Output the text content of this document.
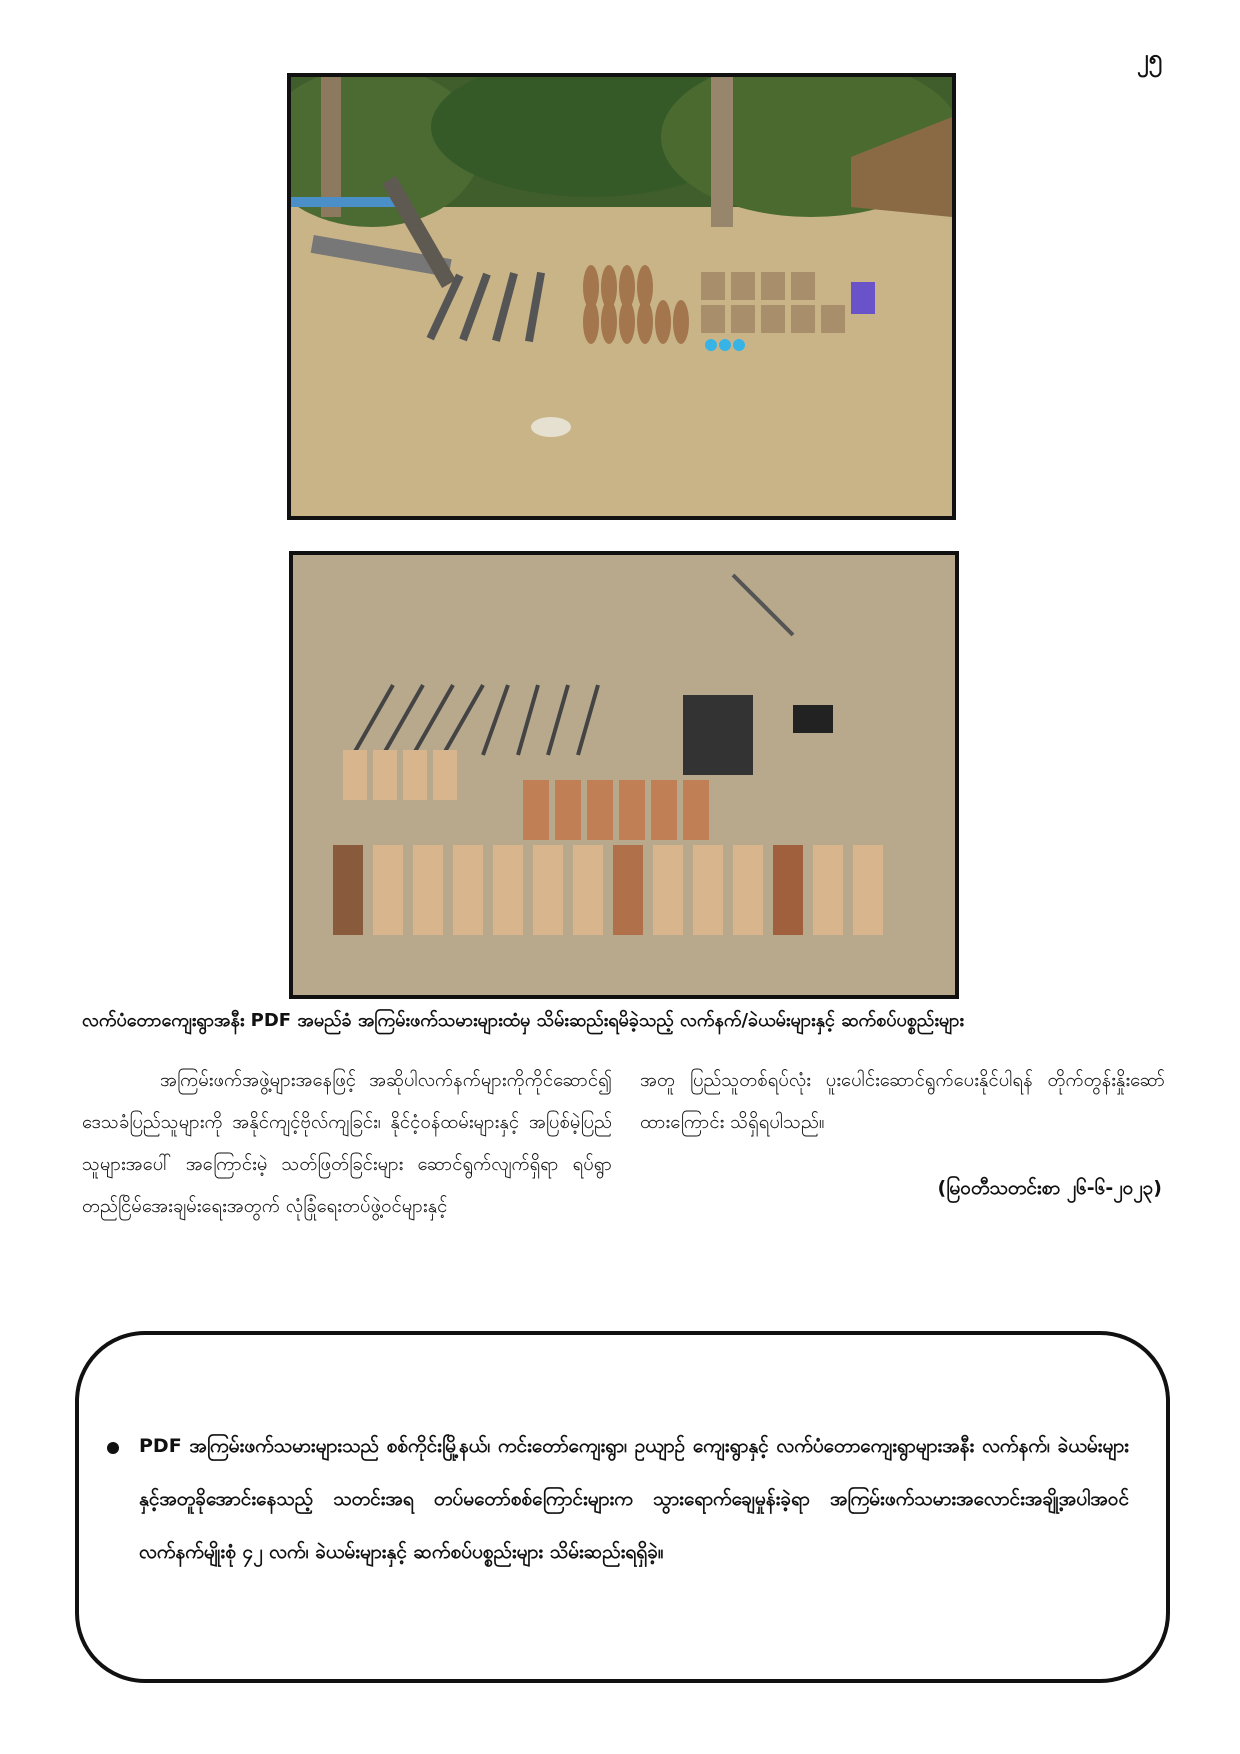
၂၅
လက်ပံတောကျေးရွာအနီး PDF အမည်ခံ အကြမ်းဖက်သမားများထံမှ သိမ်းဆည်းရမိခဲ့သည့် လက်နက်/ခဲယမ်းများနှင့် ဆက်စပ်ပစ္စည်းများ
အကြမ်းဖက်အဖွဲ့များအနေဖြင့် အဆိုပါလက်နက်များကိုကိုင်ဆောင်၍ ဒေသခံပြည်သူများကို အနိုင်ကျင့်ဗိုလ်ကျခြင်း၊ နိုင်ငံ့ဝန်ထမ်းများနှင့် အပြစ်မဲ့ပြည်သူများအပေါ် အကြောင်းမဲ့ သတ်ဖြတ်ခြင်းများ ဆောင်ရွက်လျက်ရှိရာ ရပ်ရွာတည်ငြိမ်အေးချမ်းရေးအတွက် လုံခြုံရေးတပ်ဖွဲ့ဝင်များနှင့်
အတူ ပြည်သူတစ်ရပ်လုံး ပူးပေါင်းဆောင်ရွက်ပေးနိုင်ပါရန် တိုက်တွန်းနှိုးဆော်ထားကြောင်း သိရှိရပါသည်။
(မြဝတီသတင်းစာ ၂၆-၆-၂၀၂၃)
PDF အကြမ်းဖက်သမားများသည် စစ်ကိုင်းမြို့နယ်၊ ကင်းတော်ကျေးရွာ၊ ဥယျာဉ် ကျေးရွာနှင့် လက်ပံတောကျေးရွာများအနီး လက်နက်၊ ခဲယမ်းများနှင့်အတူခိုအောင်းနေသည့် သတင်းအရ တပ်မတော်စစ်ကြောင်းများက သွားရောက်ချေမှုန်းခဲ့ရာ အကြမ်းဖက်သမားအလောင်းအချို့အပါအဝင် လက်နက်မျိုးစုံ ၄၂ လက်၊ ခဲယမ်းများနှင့် ဆက်စပ်ပစ္စည်းများ သိမ်းဆည်းရရှိခဲ့။
